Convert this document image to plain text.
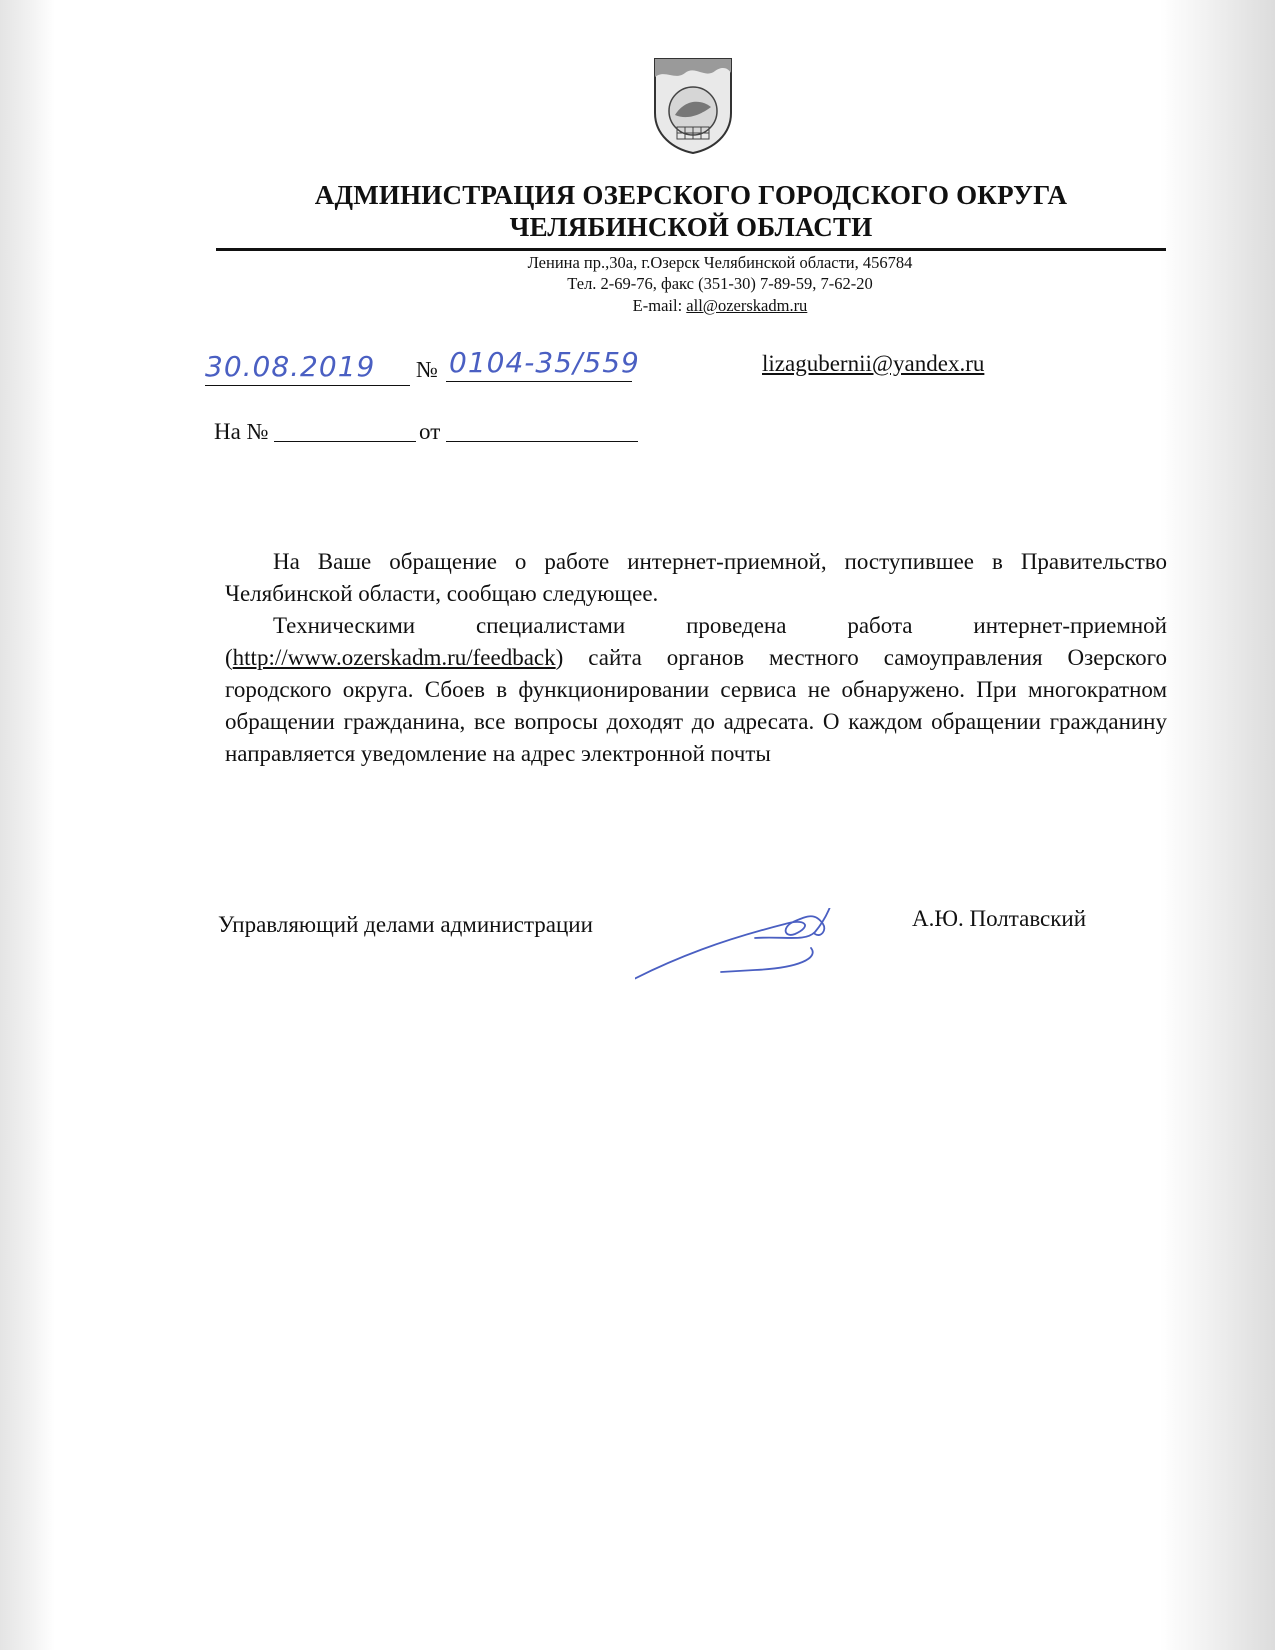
АДМИНИСТРАЦИЯ ОЗЕРСКОГО ГОРОДСКОГО ОКРУГА
ЧЕЛЯБИНСКОЙ ОБЛАСТИ
Ленина пр.,30а, г.Озерск Челябинской области, 456784
Тел. 2-69-76, факс (351-30) 7-89-59, 7-62-20
E-mail: all@ozerskadm.ru
30.08.2019 № 0104-35/559	lizagubernii@yandex.ru
На №	от
На Ваше обращение о работе интернет-приемной, поступившее в Правительство Челябинской области, сообщаю следующее.
Техническими специалистами проведена работа интернет-приемной (http://www.ozerskadm.ru/feedback) сайта органов местного самоуправления Озерского городского округа. Сбоев в функционировании сервиса не обнаружено. При многократном обращении гражданина, все вопросы доходят до адресата. О каждом обращении гражданину направляется уведомление на адрес электронной почты
Управляющий делами администрации	А.Ю. Полтавский
